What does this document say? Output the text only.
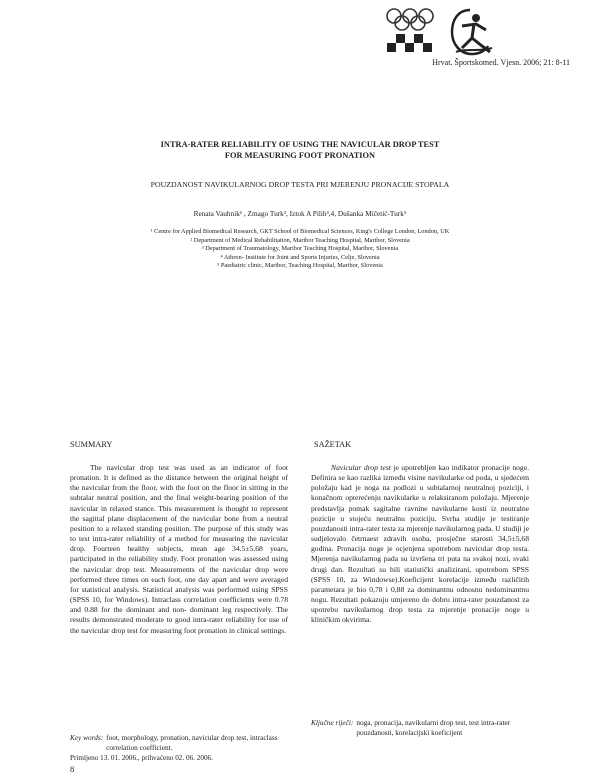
Hrvat. Športskomed. Vjesn. 2006; 21: 8-11
INTRA-RATER RELIABILITY OF USING THE NAVICULAR DROP TEST
FOR MEASURING FOOT PRONATION
POUZDANOST NAVIKULARNOG DROP TESTA PRI MJERENJU PRONACIJE STOPALA
Renata Vauhnik¹ , Zmago Turk², Iztok A Pilih³,4, Dušanka Mičetić-Turk⁵
¹ Centre for Applied Biomedical Research, GKT School of Biomedical Sciences, King's College London, London, UK
² Department of Medical Rehabilitation, Maribor Teaching Hospital, Maribor, Slovenia
³ Department of Traumatology, Maribor Teaching Hospital, Maribor, Slovenia
⁴ Athron- Institute for Joint and Sports Injuries, Celje, Slovenia
⁵ Paediatric clinic, Maribor, Teaching Hospital, Maribor, Slovenia
SUMMARY	SAŽETAK

The navicular drop test was used as an indicator of foot pronation. It is defined as the distance between the original height of the navicular from the floor, with the foot on the floor in sitting in the subtalar neutral position, and the final weight-bearing position of the navicular in relaxed stance. This measurement is thought to represent the sagittal plane displacement of the navicular bone from a neutral position to a relaxed standing position. The purpose of this study was to test intra-rater reliability of a method for measuring the navicular drop. Fourteen healthy subjects, mean age 34.5±5.68 years, participated in the reliability study. Foot pronation was assessed using the navicular drop test. Measurements of the navicular drop were performed three times on each foot, one day apart and were averaged for statistical analysis. Statistical analysis was performed using SPSS (SPSS 10, for Windows). Intraclass correlation coefficients were 0.78 and 0.88 for the dominant and non- dominant leg respectively. The results demonstrated moderate to good intra-rater reliability for use of the navicular drop test for measuring foot pronation in clinical settings.

Navicular drop test je upotrebljen kao indikator pronacije noge. Definira se kao razlika između visine navikularke od poda, u sjedećem položaju kad je noga na podlozi u subtalarnoj neutralnoj poziciji, i konačnom opterećenju navikularke u relaksiranom položaju. Mjerenje predstavlja pomak sagitalne ravnine navikularne kosti iz neutralne pozicije u stojeću neutralnu poziciju. Svrha studije je testiranje pouzdanosti intra-rater testa za mjerenje navikularnog pada. U studiji je sudjelovalo četrnaest zdravih osoba, prosječne starosti 34,5±5,68 godina. Pronacija noge je ocjenjena upotrebom navicular drop testa. Mjerenja navikularnog pada su izvršena tri puta na svakoj nozi, svaki drugi dan. Rezultati su bili statistički analizirani, upotrebom SPSS (SPSS 10, za Windowse).Koeficijent korelacije između različitih parametara je bio 0,78 i 0,88 za dominantnu odnosnu nedominantnu nogu. Rezultati pokazuju umjereno do dobru intra-rater pouzdanost za upotrebu navikularnog drop testa za mjerenje pronacije noge u kliničkim okvirima.

Key words: foot, morphology, pronation, navicular drop test, intraclass correlation coefficient.
Ključne riječi: noga, pronacija, navikularni drop test, test intra-rater pouzdanosti, korelacijski koeficijent
Primljeno 13. 01. 2006., prihvaćeno 02. 06. 2006.
8
